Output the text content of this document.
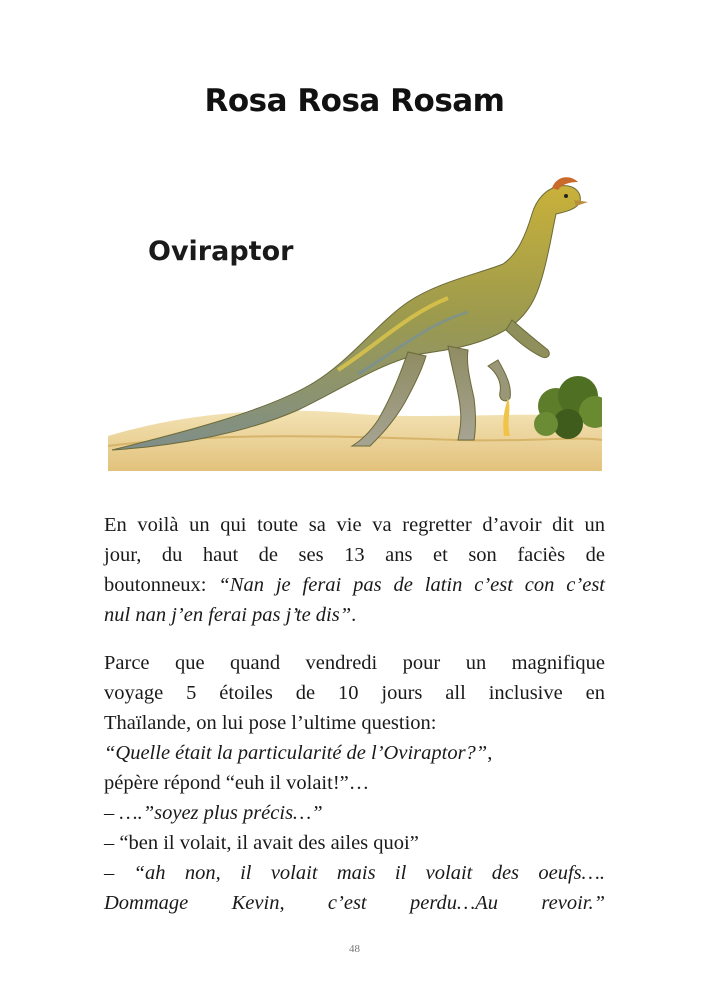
Rosa Rosa Rosam
Oviraptor

En voilà un qui toute sa vie va regretter d’avoir dit un

jour, du haut de ses 13 ans et son faciès de

boutonneux: “Nan je ferai pas de latin c’est con c’est

nul nan j’en ferai pas j’te dis”.

Parce que quand vendredi pour un magnifique

voyage 5 étoiles de 10 jours all inclusive en

Thaïlande, on lui pose l’ultime question:

“Quelle était la particularité de l’Oviraptor?”,

pépère répond “euh il volait!”…

– ….”soyez plus précis…”

– “ben il volait, il avait des ailes quoi”

– “ah non, il volait mais il volait des oeufs….

Dommage Kevin, c’est perdu…Au revoir.”

48
